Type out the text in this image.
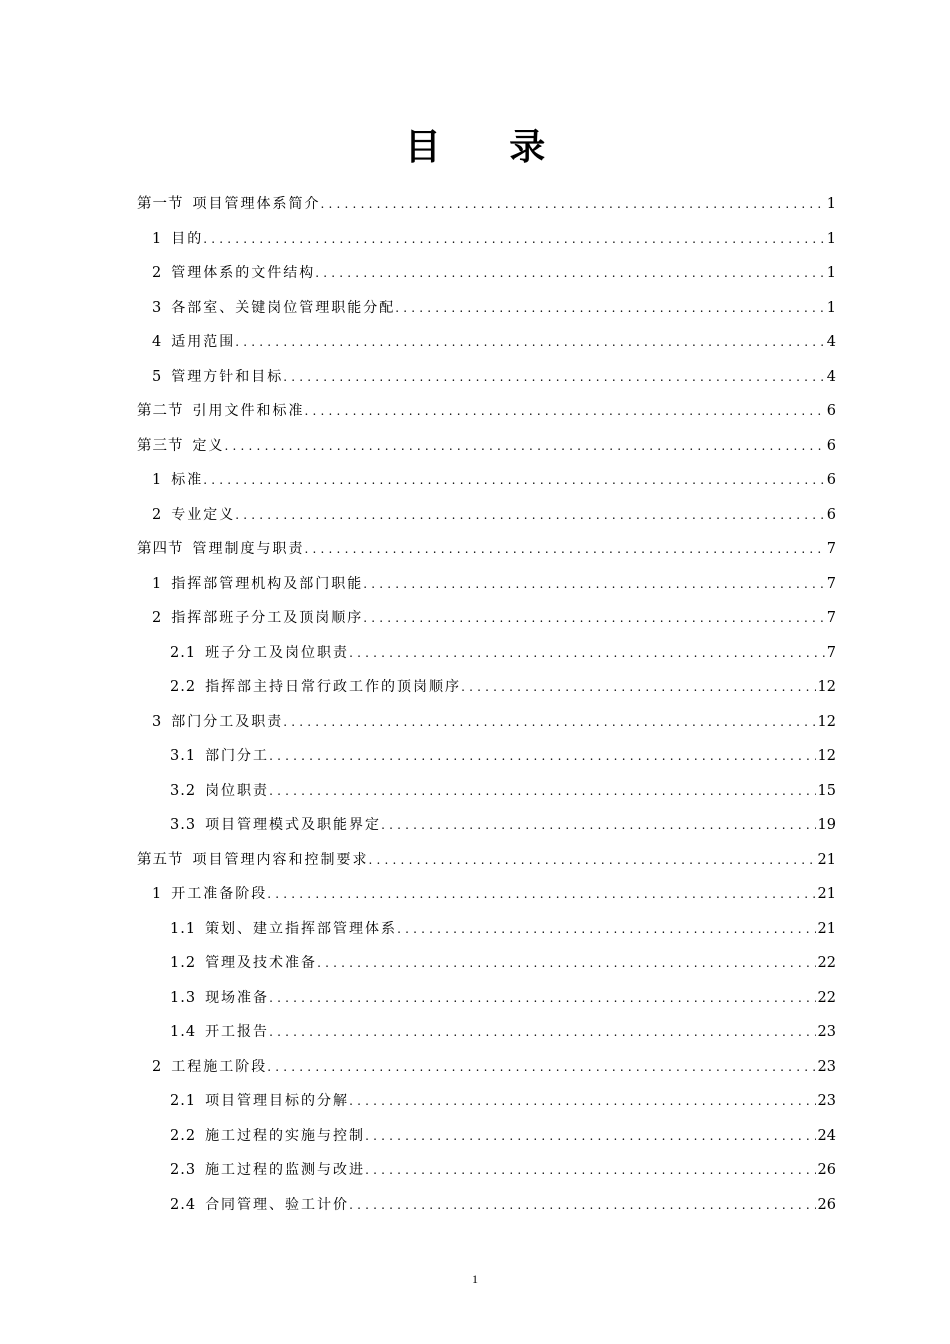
目 录
第一节 项目管理体系简介 .....	1
1 目的 .....	1
2 管理体系的文件结构 .....	1
3 各部室、关键岗位管理职能分配 .....	1
4 适用范围 .....	4
5 管理方针和目标 .....	4
第二节 引用文件和标准 .....	6
第三节 定义 .....	6
1 标准 .....	6
2 专业定义 .....	6
第四节 管理制度与职责 .....	7
1 指挥部管理机构及部门职能 .....	7
2 指挥部班子分工及顶岗顺序 .....	7
2.1 班子分工及岗位职责 .....	7
2.2 指挥部主持日常行政工作的顶岗顺序 .....	12
3 部门分工及职责 .....	12
3.1 部门分工 .....	12
3.2 岗位职责 .....	15
3.3 项目管理模式及职能界定 .....	19
第五节 项目管理内容和控制要求 .....	21
1 开工准备阶段 .....	21
1.1 策划、建立指挥部管理体系 .....	21
1.2 管理及技术准备 .....	22
1.3 现场准备 .....	22
1.4 开工报告 .....	23
2 工程施工阶段 .....	23
2.1 项目管理目标的分解 .....	23
2.2 施工过程的实施与控制 .....	24
2.3 施工过程的监测与改进 .....	26
2.4 合同管理、验工计价 .....	26
1
